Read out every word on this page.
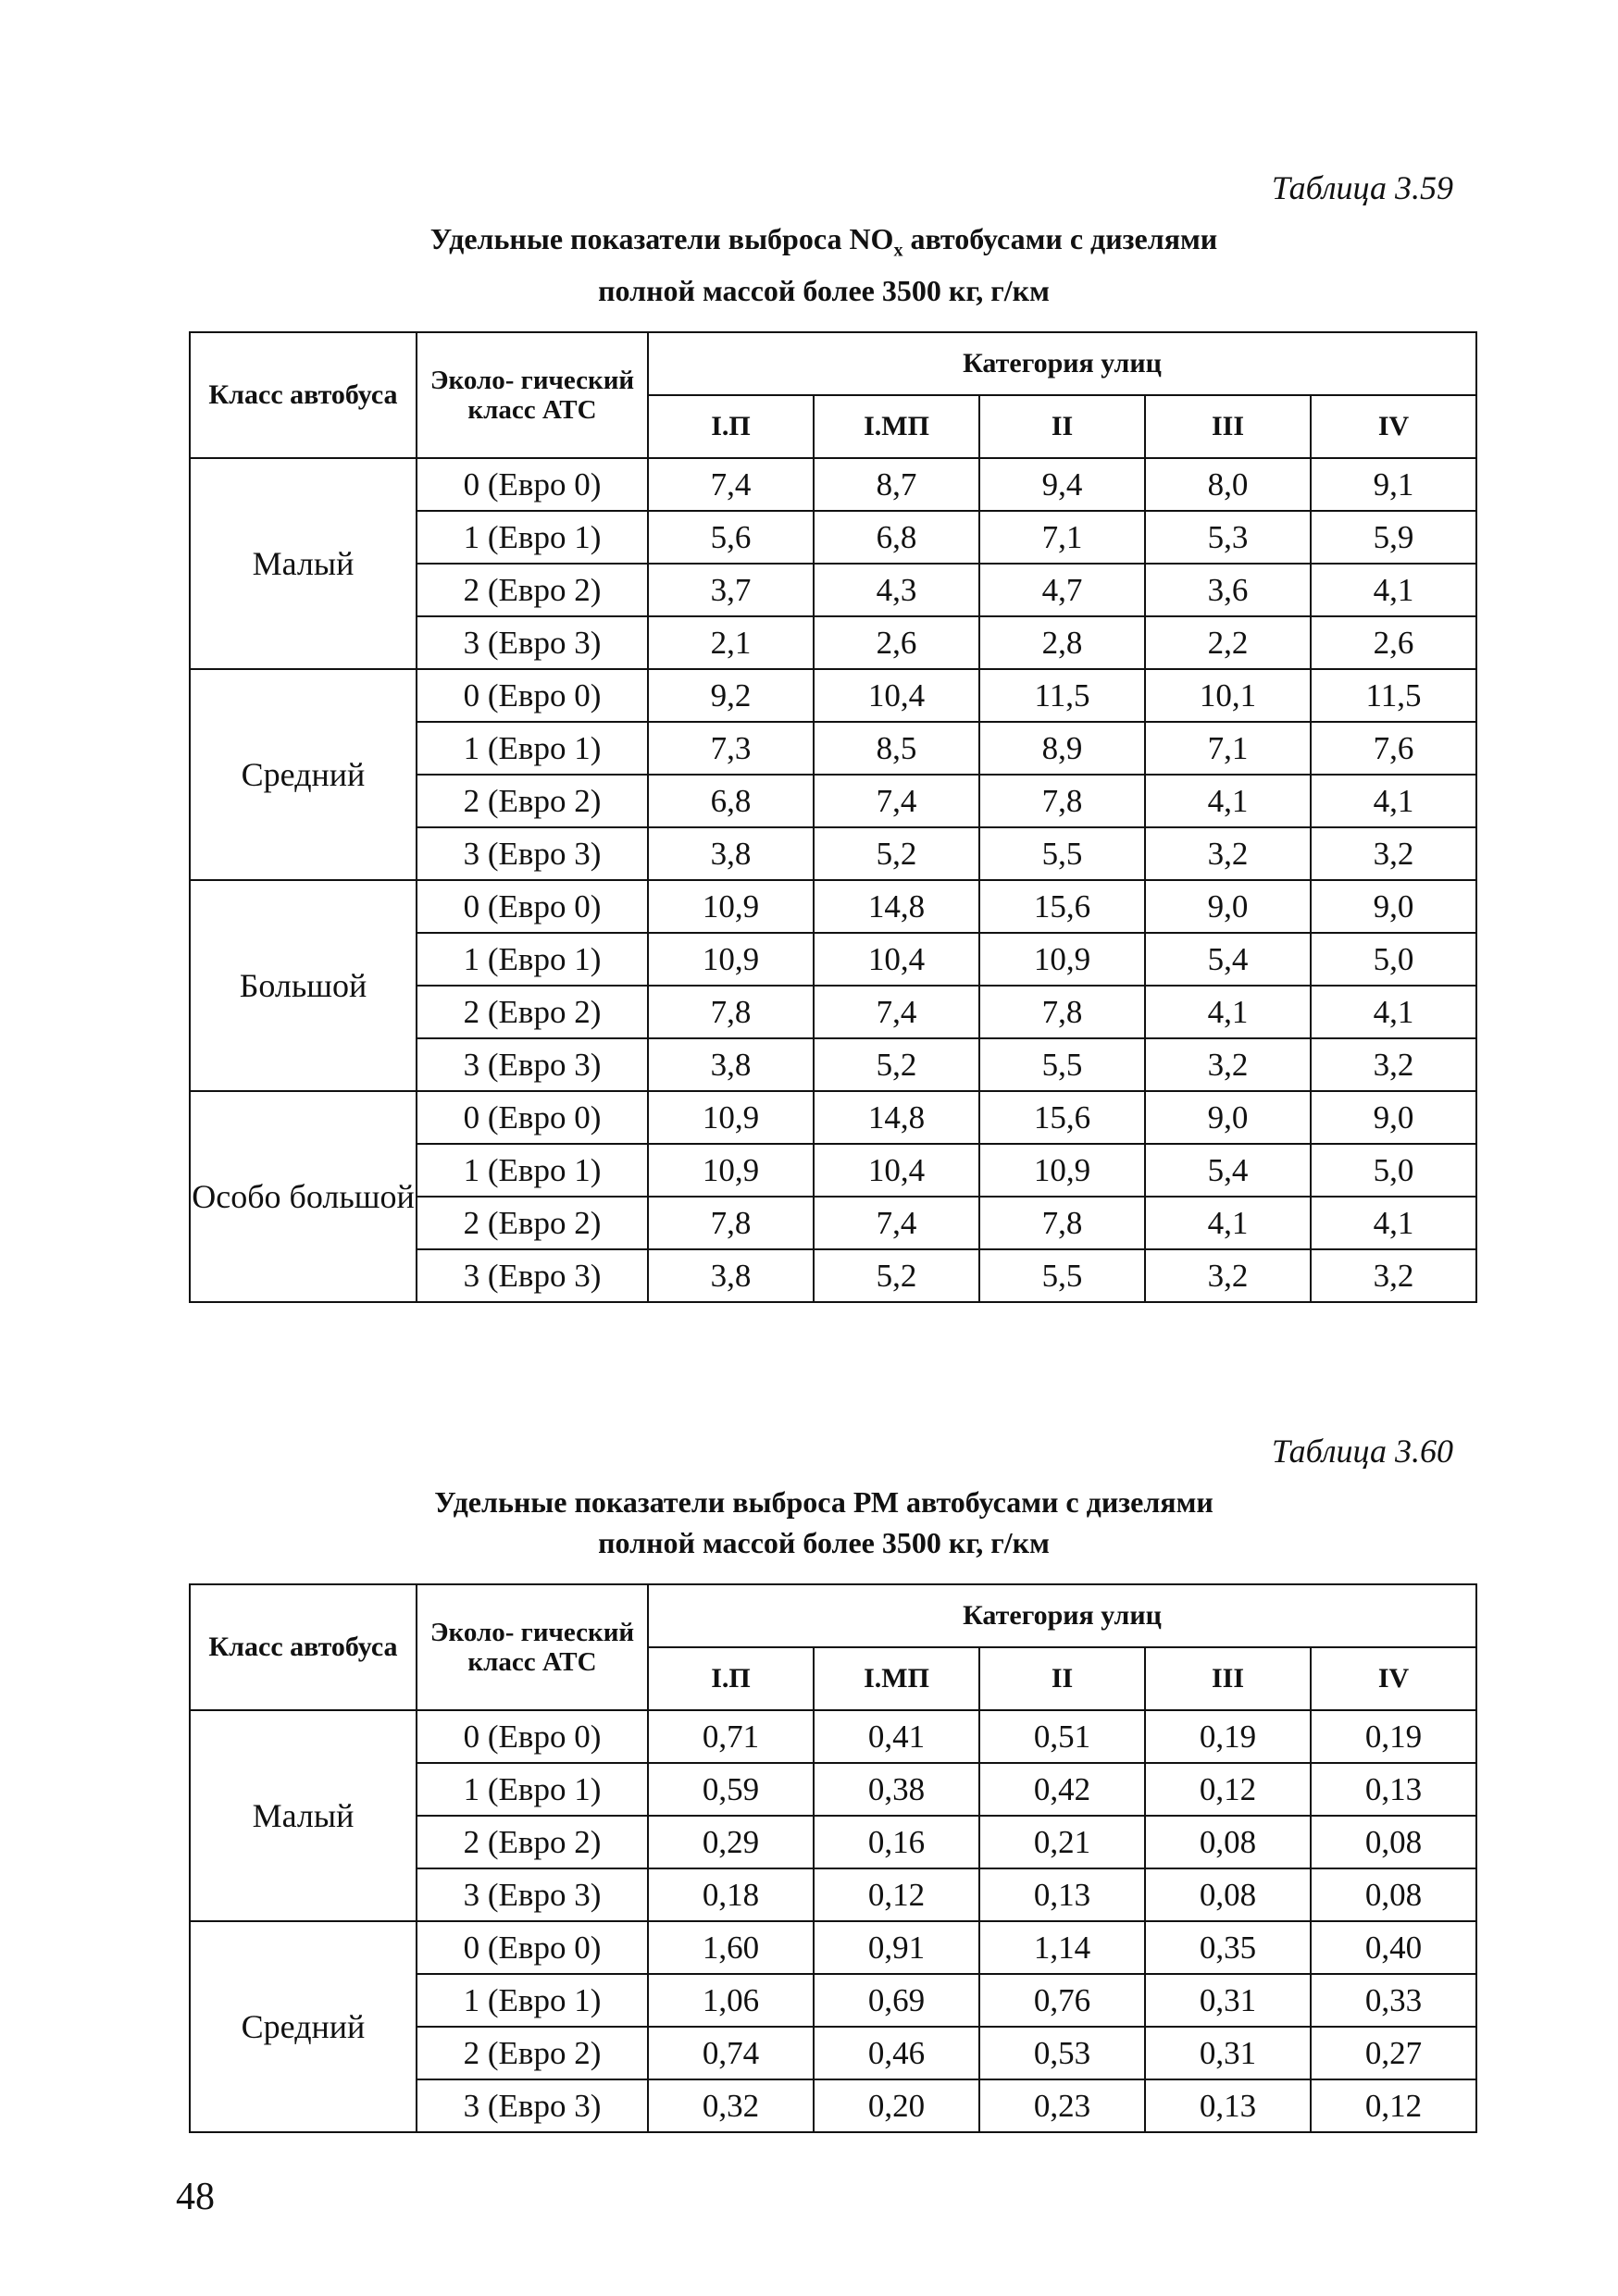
Таблица 3.59
Удельные показатели выброса $NO_x$ автобусами с дизелями
полной массой более 3500 кг, г/км
Класс автобуса	Эколо- гический класс АТС	Категория улиц				
		I.П	I.МП	II	III	IV
Малый	0 (Евро 0)	7,4	8,7	9,4	8,0	9,1
	1 (Евро 1)	5,6	6,8	7,1	5,3	5,9
	2 (Евро 2)	3,7	4,3	4,7	3,6	4,1
	3 (Евро 3)	2,1	2,6	2,8	2,2	2,6
Средний	0 (Евро 0)	9,2	10,4	11,5	10,1	11,5
	1 (Евро 1)	7,3	8,5	8,9	7,1	7,6
	2 (Евро 2)	6,8	7,4	7,8	4,1	4,1
	3 (Евро 3)	3,8	5,2	5,5	3,2	3,2
Большой	0 (Евро 0)	10,9	14,8	15,6	9,0	9,0
	1 (Евро 1)	10,9	10,4	10,9	5,4	5,0
	2 (Евро 2)	7,8	7,4	7,8	4,1	4,1
	3 (Евро 3)	3,8	5,2	5,5	3,2	3,2
Особо большой	0 (Евро 0)	10,9	14,8	15,6	9,0	9,0
	1 (Евро 1)	10,9	10,4	10,9	5,4	5,0
	2 (Евро 2)	7,8	7,4	7,8	4,1	4,1
	3 (Евро 3)	3,8	5,2	5,5	3,2	3,2
Таблица 3.60
Удельные показатели выброса РМ автобусами с дизелями
полной массой более 3500 кг, г/км
Класс автобуса	Эколо- гический класс АТС	Категория улиц				
		I.П	I.МП	II	III	IV
Малый	0 (Евро 0)	0,71	0,41	0,51	0,19	0,19
	1 (Евро 1)	0,59	0,38	0,42	0,12	0,13
	2 (Евро 2)	0,29	0,16	0,21	0,08	0,08
	3 (Евро 3)	0,18	0,12	0,13	0,08	0,08
Средний	0 (Евро 0)	1,60	0,91	1,14	0,35	0,40
	1 (Евро 1)	1,06	0,69	0,76	0,31	0,33
	2 (Евро 2)	0,74	0,46	0,53	0,31	0,27
	3 (Евро 3)	0,32	0,20	0,23	0,13	0,12
48
